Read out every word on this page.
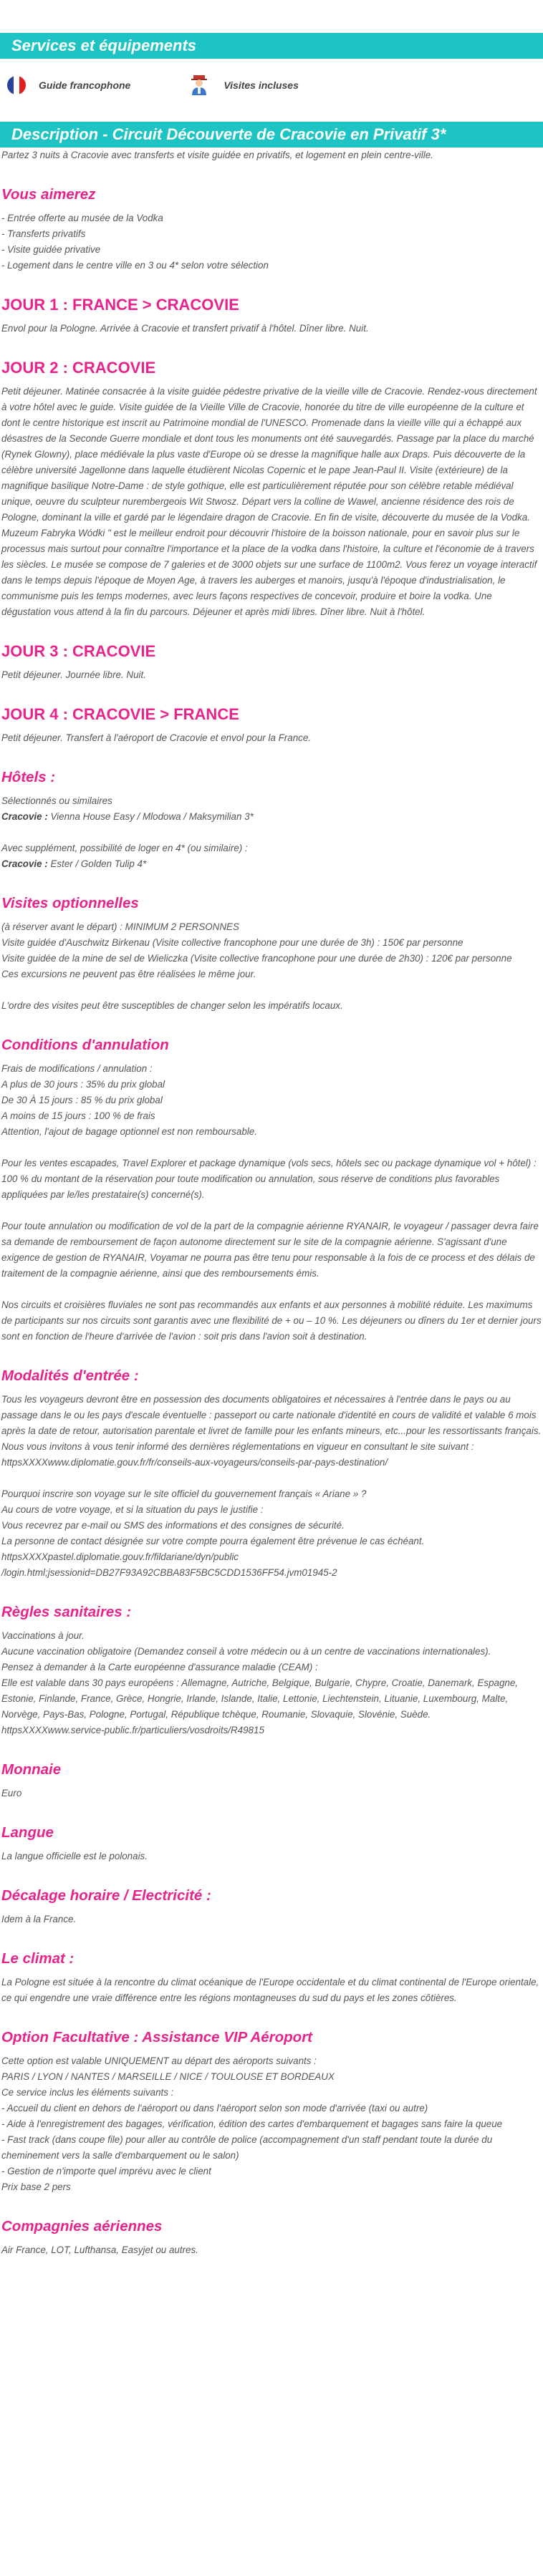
Services et équipements
Guide francophone	Visites incluses
Description - Circuit Découverte de Cracovie en Privatif 3*

Partez 3 nuits à Cracovie avec transferts et visite guidée en privatifs, et logement en plein centre-ville.

Vous aimerez
- Entrée offerte au musée de la Vodka
- Transferts privatifs
- Visite guidée privative
- Logement dans le centre ville en 3 ou 4* selon votre sélection
JOUR 1 : FRANCE > CRACOVIE

Envol pour la Pologne. Arrivée à Cracovie et transfert privatif à l'hôtel. Dîner libre. Nuit.

JOUR 2 : CRACOVIE

Petit déjeuner. Matinée consacrée à la visite guidée pédestre privative de la vieille ville de Cracovie. Rendez-vous directement à votre hôtel avec le guide. Visite guidée de la Vieille Ville de Cracovie, honorée du titre de ville européenne de la culture et dont le centre historique est inscrit au Patrimoine mondial de l'UNESCO. Promenade dans la vieille ville qui a échappé aux désastres de la Seconde Guerre mondiale et dont tous les monuments ont été sauvegardés. Passage par la place du marché (Rynek Glowny), place médiévale la plus vaste d'Europe où se dresse la magnifique halle aux Draps. Puis découverte de la célèbre université Jagellonne dans laquelle étudièrent Nicolas Copernic et le pape Jean-Paul II. Visite (extérieure) de la magnifique basilique Notre-Dame : de style gothique, elle est particulièrement réputée pour son célèbre retable médiéval unique, oeuvre du sculpteur nurembergeois Wit Stwosz. Départ vers la colline de Wawel, ancienne résidence des rois de Pologne, dominant la ville et gardé par le légendaire dragon de Cracovie. En fin de visite, découverte du musée de la Vodka. Muzeum Fabryka Wódki " est le meilleur endroit pour découvrir l'histoire de la boisson nationale, pour en savoir plus sur le processus mais surtout pour connaître l'importance et la place de la vodka dans l'histoire, la culture et l'économie de à travers les siècles. Le musée se compose de 7 galeries et de 3000 objets sur une surface de 1100m2. Vous ferez un voyage interactif dans le temps depuis l'époque de Moyen Age, à travers les auberges et manoirs, jusqu'à l'époque d'industrialisation, le communisme puis les temps modernes, avec leurs façons respectives de concevoir, produire et boire la vodka. Une dégustation vous attend à la fin du parcours. Déjeuner et après midi libres. Dîner libre. Nuit à l'hôtel.

JOUR 3 : CRACOVIE

Petit déjeuner. Journée libre. Nuit.

JOUR 4 : CRACOVIE > FRANCE

Petit déjeuner. Transfert à l'aéroport de Cracovie et envol pour la France.

Hôtels :

Sélectionnés ou similaires

Cracovie : Vienna House Easy / Mlodowa / Maksymilian 3*

Avec supplément, possibilité de loger en 4* (ou similaire) :

Cracovie : Ester / Golden Tulip 4*

Visites optionnelles

(à réserver avant le départ) : MINIMUM 2 PERSONNES

Visite guidée d'Auschwitz Birkenau (Visite collective francophone pour une durée de 3h) : 150€ par personne

Visite guidée de la mine de sel de Wieliczka (Visite collective francophone pour une durée de 2h30) : 120€ par personne

Ces excursions ne peuvent pas être réalisées le même jour.

L'ordre des visites peut être susceptibles de changer selon les impératifs locaux.

Conditions d'annulation

Frais de modifications / annulation :

A plus de 30 jours : 35% du prix global

De 30 À 15 jours : 85 % du prix global

A moins de 15 jours : 100 % de frais

Attention, l'ajout de bagage optionnel est non remboursable.

Pour les ventes escapades, Travel Explorer et package dynamique (vols secs, hôtels sec ou package dynamique vol + hôtel) : 100 % du montant de la réservation pour toute modification ou annulation, sous réserve de conditions plus favorables appliquées par le/les prestataire(s) concerné(s).

Pour toute annulation ou modification de vol de la part de la compagnie aérienne RYANAIR, le voyageur / passager devra faire sa demande de remboursement de façon autonome directement sur le site de la compagnie aérienne. S'agissant d'une exigence de gestion de RYANAIR, Voyamar ne pourra pas être tenu pour responsable à la fois de ce process et des délais de traitement de la compagnie aérienne, ainsi que des remboursements émis.

Nos circuits et croisières fluviales ne sont pas recommandés aux enfants et aux personnes à mobilité réduite. Les maximums de participants sur nos circuits sont garantis avec une flexibilité de + ou – 10 %. Les déjeuners ou dîners du 1er et dernier jours sont en fonction de l'heure d'arrivée de l'avion : soit pris dans l'avion soit à destination.

Modalités d'entrée :

Tous les voyageurs devront être en possession des documents obligatoires et nécessaires à l'entrée dans le pays ou au passage dans le ou les pays d'escale éventuelle : passeport ou carte nationale d'identité en cours de validité et valable 6 mois après la date de retour, autorisation parentale et livret de famille pour les enfants mineurs, etc...pour les ressortissants français.

Nous vous invitons à vous tenir informé des dernières réglementations en vigueur en consultant le site suivant : httpsXXXXwww.diplomatie.gouv.fr/fr/conseils-aux-voyageurs/conseils-par-pays-destination/

Pourquoi inscrire son voyage sur le site officiel du gouvernement français « Ariane » ?

Au cours de votre voyage, et si la situation du pays le justifie :

Vous recevrez par e-mail ou SMS des informations et des consignes de sécurité.

La personne de contact désignée sur votre compte pourra également être prévenue le cas échéant.

httpsXXXXpastel.diplomatie.gouv.fr/fildariane/dyn/public

/login.html;jsessionid=DB27F93A92CBBA83F5BC5CDD1536FF54.jvm01945-2

Règles sanitaires :

Vaccinations à jour.

Aucune vaccination obligatoire (Demandez conseil à votre médecin ou à un centre de vaccinations internationales).

Pensez à demander à la Carte européenne d'assurance maladie (CEAM) :

Elle est valable dans 30 pays européens : Allemagne, Autriche, Belgique, Bulgarie, Chypre, Croatie, Danemark, Espagne, Estonie, Finlande, France, Grèce, Hongrie, Irlande, Islande, Italie, Lettonie, Liechtenstein, Lituanie, Luxembourg, Malte, Norvège, Pays-Bas, Pologne, Portugal, République tchèque, Roumanie, Slovaquie, Slovénie, Suède.

httpsXXXXwww.service-public.fr/particuliers/vosdroits/R49815

Monnaie

Euro

Langue

La langue officielle est le polonais.

Décalage horaire / Electricité :

Idem à la France.

Le climat :

La Pologne est située à la rencontre du climat océanique de l'Europe occidentale et du climat continental de l'Europe orientale, ce qui engendre une vraie différence entre les régions montagneuses du sud du pays et les zones côtières.

Option Facultative : Assistance VIP Aéroport

Cette option est valable UNIQUEMENT au départ des aéroports suivants :

PARIS / LYON / NANTES / MARSEILLE / NICE / TOULOUSE ET BORDEAUX

Ce service inclus les éléments suivants :

- Accueil du client en dehors de l'aéroport ou dans l'aéroport selon son mode d'arrivée (taxi ou autre)

- Aide à l'enregistrement des bagages, vérification, édition des cartes d'embarquement et bagages sans faire la queue

- Fast track (dans coupe file) pour aller au contrôle de police (accompagnement d'un staff pendant toute la durée du cheminement vers la salle d'embarquement ou le salon)

- Gestion de n'importe quel imprévu avec le client

Prix base 2 pers

Compagnies aériennes

Air France, LOT, Lufthansa, Easyjet ou autres.
